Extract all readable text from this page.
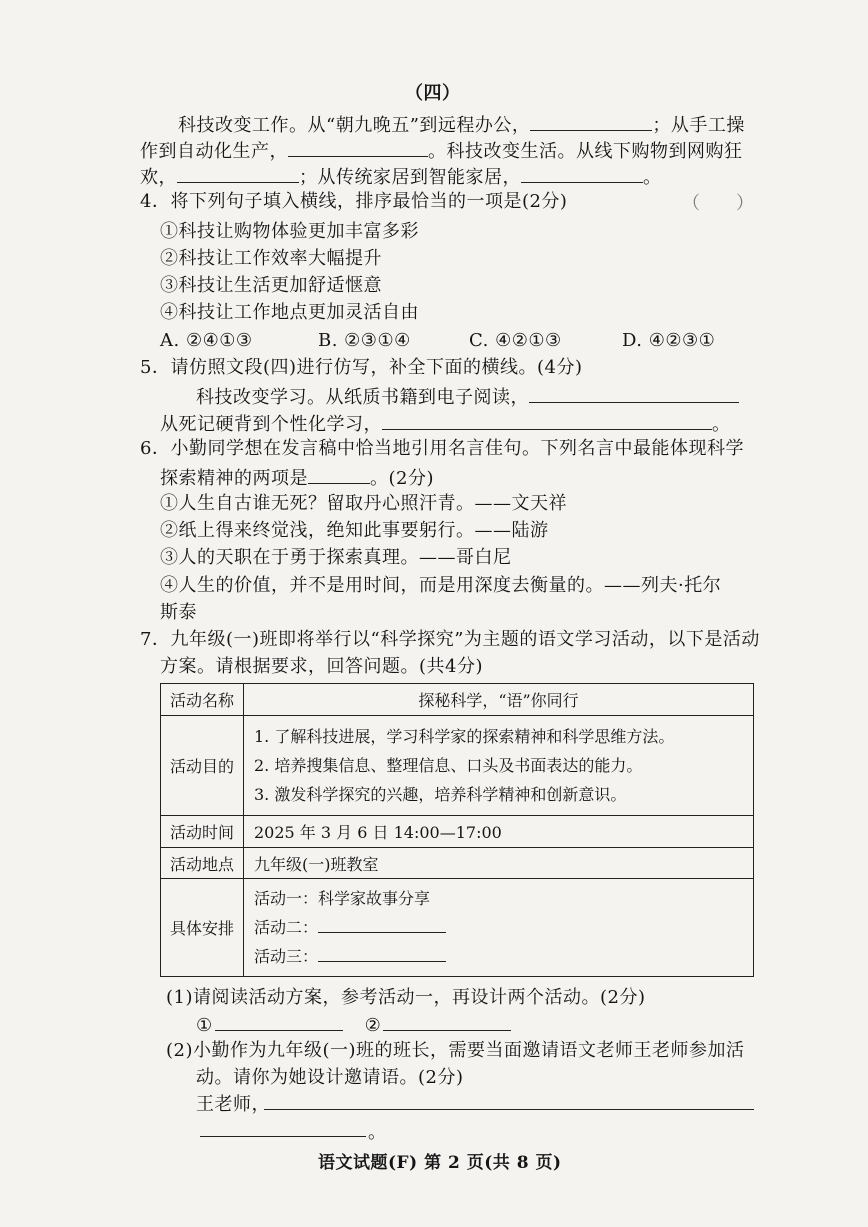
（四）
科技改变工作。从“朝九晚五”到远程办公，	；从手工操
作到自动化生产，	。科技改变生活。从线下购物到网购狂
欢，	；从传统家居到智能家居，	。
4．将下列句子填入横线，排序最恰当的一项是(2分)	（　　）
①科技让购物体验更加丰富多彩
②科技让工作效率大幅提升
③科技让生活更加舒适惬意
④科技让工作地点更加灵活自由
A. ②④①③	B. ②③①④	C. ④②①③	D. ④②③①
5．请仿照文段(四)进行仿写，补全下面的横线。(4分)
科技改变学习。从纸质书籍到电子阅读，
从死记硬背到个性化学习，	。
6．小勤同学想在发言稿中恰当地引用名言佳句。下列名言中最能体现科学
探索精神的两项是	。(2分)
①人生自古谁无死？留取丹心照汗青。——文天祥
②纸上得来终觉浅，绝知此事要躬行。——陆游
③人的天职在于勇于探索真理。——哥白尼
④人生的价值，并不是用时间，而是用深度去衡量的。——列夫·托尔
斯泰
7．九年级(一)班即将举行以“科学探究”为主题的语文学习活动，以下是活动
方案。请根据要求，回答问题。(共4分)
活动名称	探秘科学，“语”你同行
活动目的	1. 了解科技进展，学习科学家的探索精神和科学思维方法。
2. 培养搜集信息、整理信息、口头及书面表达的能力。
3. 激发科学探究的兴趣，培养科学精神和创新意识。

活动时间	2025 年 3 月 6 日 14:00—17:00
活动地点	九年级(一)班教室
具体安排	活动一：科学家故事分享
活动二：
活动三：
(1)请阅读活动方案，参考活动一，再设计两个活动。(2分)
①	②
(2)小勤作为九年级(一)班的班长，需要当面邀请语文老师王老师参加活
动。请你为她设计邀请语。(2分)
王老师，
。
语文试题(F) 第 2 页(共 8 页)
